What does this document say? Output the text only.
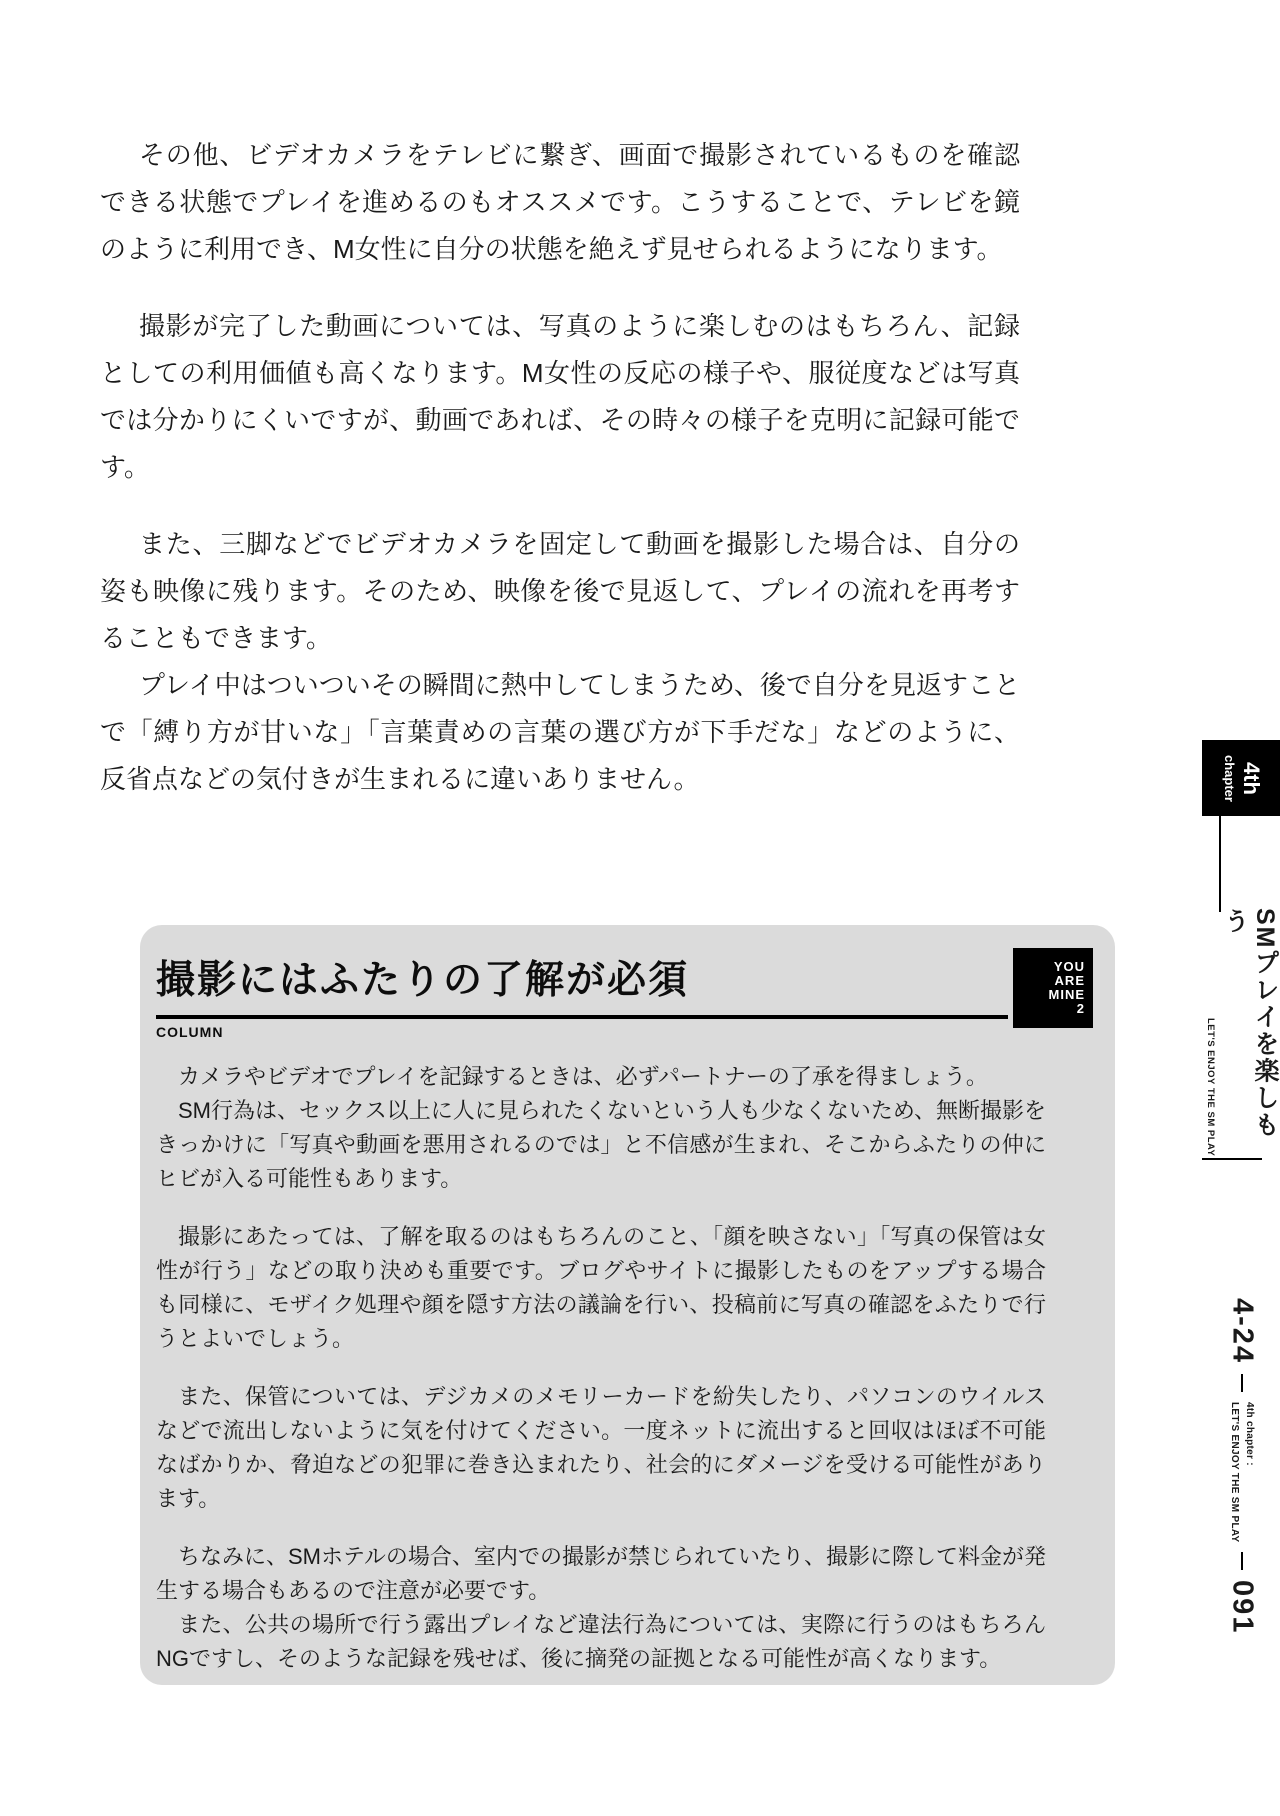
その他、ビデオカメラをテレビに繋ぎ、画面で撮影されているものを確認できる状態でプレイを進めるのもオススメです。こうすることで、テレビを鏡のように利用でき、M女性に自分の状態を絶えず見せられるようになります。

撮影が完了した動画については、写真のように楽しむのはもちろん、記録としての利用価値も高くなります。M女性の反応の様子や、服従度などは写真では分かりにくいですが、動画であれば、その時々の様子を克明に記録可能です。

また、三脚などでビデオカメラを固定して動画を撮影した場合は、自分の姿も映像に残ります。そのため、映像を後で見返して、プレイの流れを再考することもできます。

プレイ中はついついその瞬間に熱中してしまうため、後で自分を見返すことで「縛り方が甘いな」「言葉責めの言葉の選び方が下手だな」などのように、反省点などの気付きが生まれるに違いありません。

撮影にはふたりの了解が必須
COLUMN
YOU
ARE
MINE
2

カメラやビデオでプレイを記録するときは、必ずパートナーの了承を得ましょう。

SM行為は、セックス以上に人に見られたくないという人も少なくないため、無断撮影をきっかけに「写真や動画を悪用されるのでは」と不信感が生まれ、そこからふたりの仲にヒビが入る可能性もあります。

撮影にあたっては、了解を取るのはもちろんのこと、「顔を映さない」「写真の保管は女性が行う」などの取り決めも重要です。ブログやサイトに撮影したものをアップする場合も同様に、モザイク処理や顔を隠す方法の議論を行い、投稿前に写真の確認をふたりで行うとよいでしょう。

また、保管については、デジカメのメモリーカードを紛失したり、パソコンのウイルスなどで流出しないように気を付けてください。一度ネットに流出すると回収はほぼ不可能なばかりか、脅迫などの犯罪に巻き込まれたり、社会的にダメージを受ける可能性があります。

ちなみに、SMホテルの場合、室内での撮影が禁じられていたり、撮影に際して料金が発生する場合もあるので注意が必要です。

また、公共の場所で行う露出プレイなど違法行為については、実際に行うのはもちろんNGですし、そのような記録を残せば、後に摘発の証拠となる可能性が高くなります。

4th
chapter
SMプレイを楽しもう
LET'S ENJOY THE SM PLAY
4-24
4th chapter :
LET'S ENJOY THE SM PLAY
091
